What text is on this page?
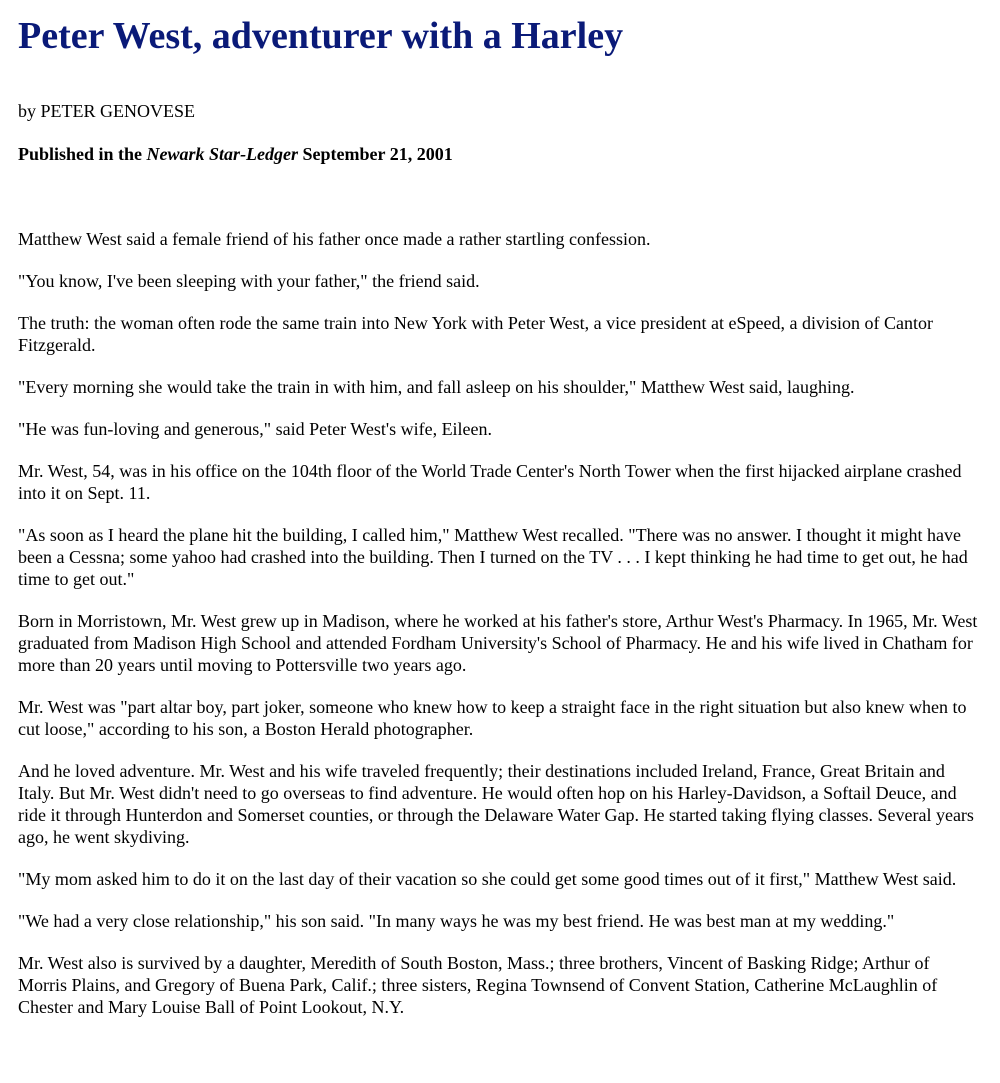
Peter West, adventurer with a Harley

by PETER GENOVESE

Published in the Newark Star-Ledger September 21, 2001

Matthew West said a female friend of his father once made a rather startling confession.

"You know, I've been sleeping with your father," the friend said.

The truth: the woman often rode the same train into New York with Peter West, a vice president at eSpeed, a division of Cantor Fitzgerald.

"Every morning she would take the train in with him, and fall asleep on his shoulder," Matthew West said, laughing.

"He was fun-loving and generous," said Peter West's wife, Eileen.

Mr. West, 54, was in his office on the 104th floor of the World Trade Center's North Tower when the first hijacked airplane crashed into it on Sept. 11.

"As soon as I heard the plane hit the building, I called him," Matthew West recalled. "There was no answer. I thought it might have been a Cessna; some yahoo had crashed into the building. Then I turned on the TV . . . I kept thinking he had time to get out, he had time to get out."

Born in Morristown, Mr. West grew up in Madison, where he worked at his father's store, Arthur West's Pharmacy. In 1965, Mr. West graduated from Madison High School and attended Fordham University's School of Pharmacy. He and his wife lived in Chatham for more than 20 years until moving to Pottersville two years ago.

Mr. West was "part altar boy, part joker, someone who knew how to keep a straight face in the right situation but also knew when to cut loose," according to his son, a Boston Herald photographer.

And he loved adventure. Mr. West and his wife traveled frequently; their destinations included Ireland, France, Great Britain and Italy. But Mr. West didn't need to go overseas to find adventure. He would often hop on his Harley-Davidson, a Softail Deuce, and ride it through Hunterdon and Somerset counties, or through the Delaware Water Gap. He started taking flying classes. Several years ago, he went skydiving.

"My mom asked him to do it on the last day of their vacation so she could get some good times out of it first," Matthew West said.

"We had a very close relationship," his son said. "In many ways he was my best friend. He was best man at my wedding."

Mr. West also is survived by a daughter, Meredith of South Boston, Mass.; three brothers, Vincent of Basking Ridge; Arthur of Morris Plains, and Gregory of Buena Park, Calif.; three sisters, Regina Townsend of Convent Station, Catherine McLaughlin of Chester and Mary Louise Ball of Point Lookout, N.Y.
